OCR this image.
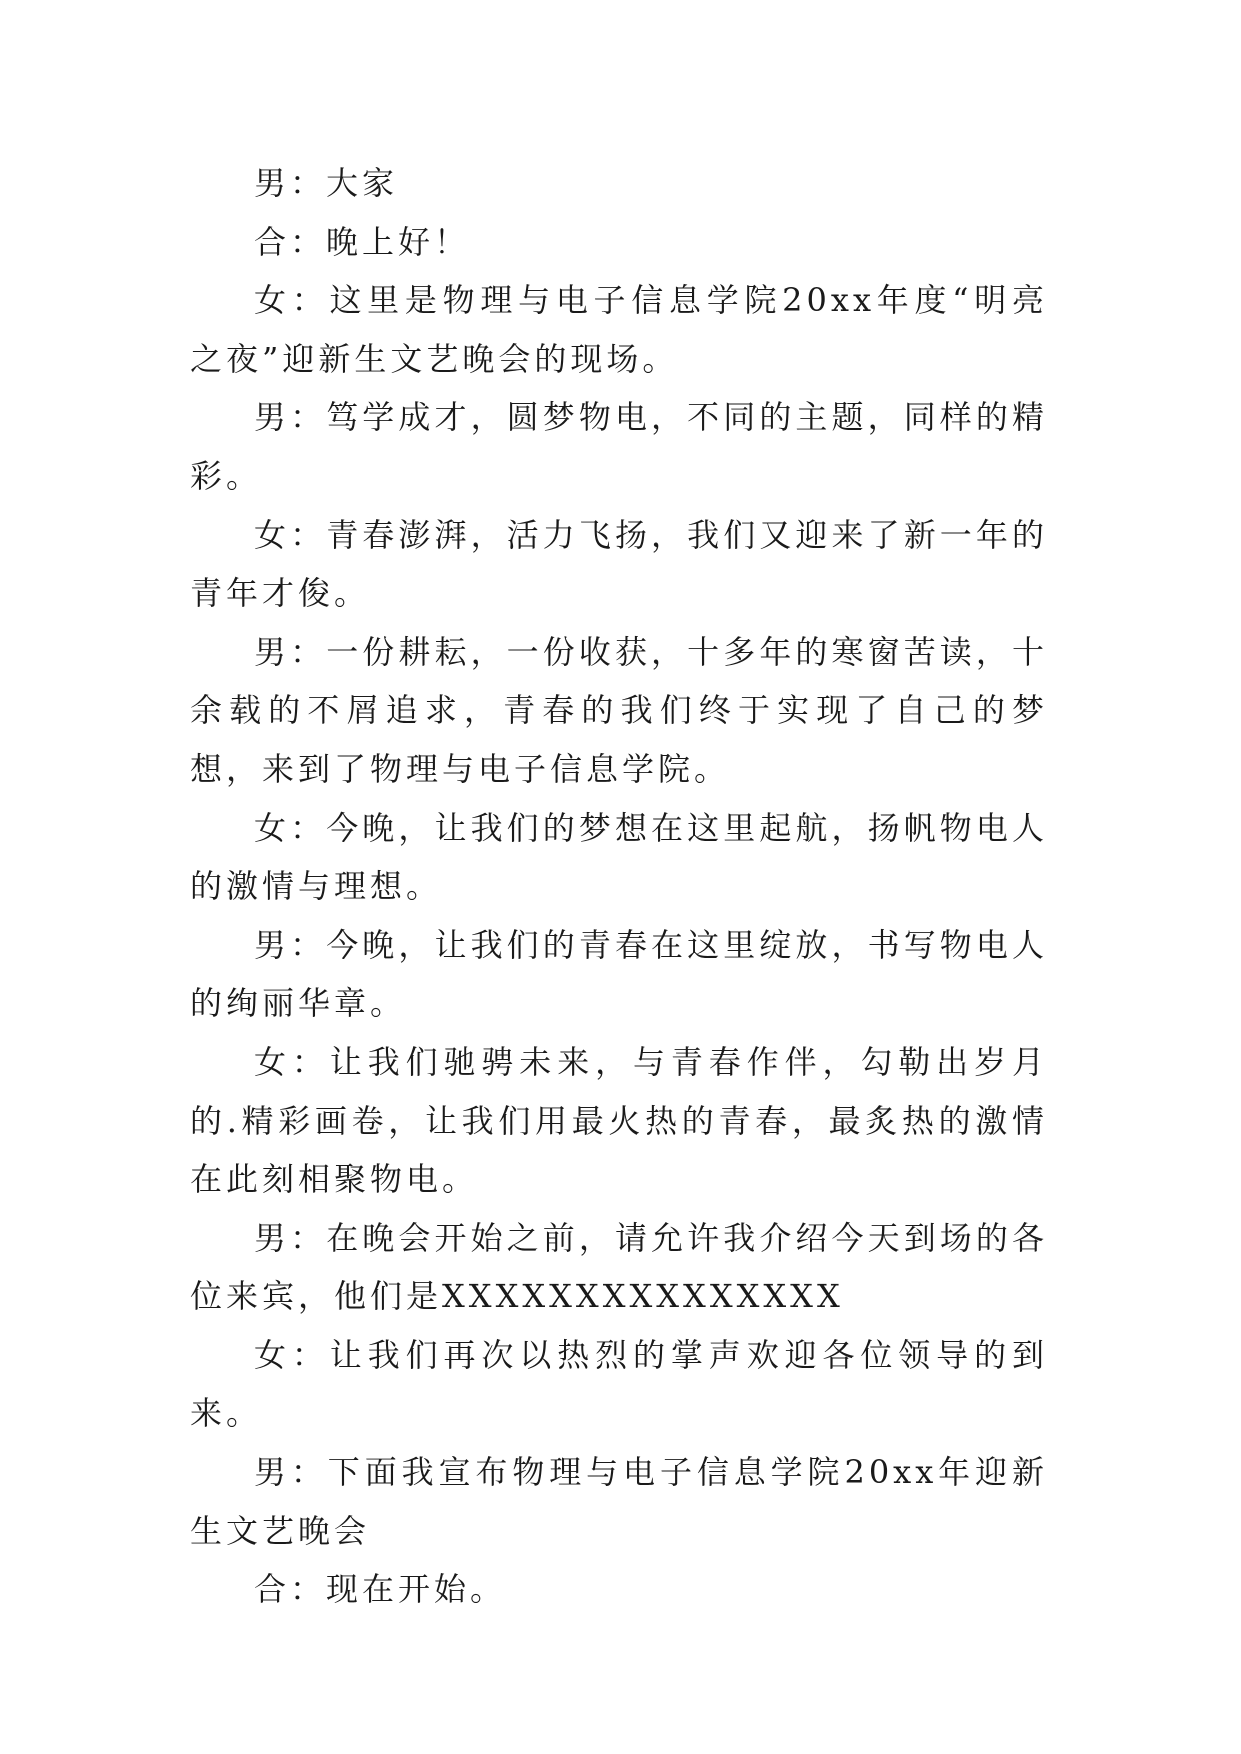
男：大家

合：晚上好！

女：这里是物理与电子信息学院20xx年度“明亮之夜”迎新生文艺晚会的现场。

男：笃学成才，圆梦物电，不同的主题，同样的精彩。

女：青春澎湃，活力飞扬，我们又迎来了新一年的青年才俊。

男：一份耕耘，一份收获，十多年的寒窗苦读，十余载的不屑追求，青春的我们终于实现了自己的梦想，来到了物理与电子信息学院。

女：今晚，让我们的梦想在这里起航，扬帆物电人的激情与理想。

男：今晚，让我们的青春在这里绽放，书写物电人的绚丽华章。

女：让我们驰骋未来，与青春作伴，勾勒出岁月的.精彩画卷，让我们用最火热的青春，最炙热的激情在此刻相聚物电。

男：在晚会开始之前，请允许我介绍今天到场的各位来宾，他们是XXXXXXXXXXXXXXX

女：让我们再次以热烈的掌声欢迎各位领导的到来。

男：下面我宣布物理与电子信息学院20xx年迎新生文艺晚会

合：现在开始。
